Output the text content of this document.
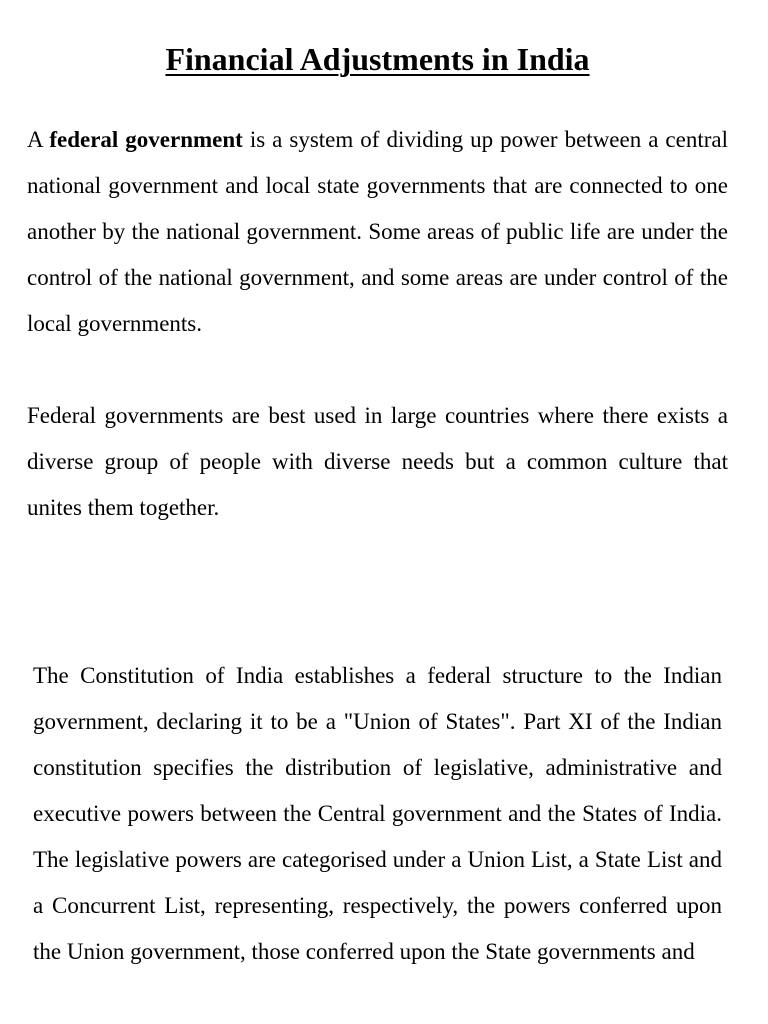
Financial Adjustments in India

A federal government is a system of dividing up power between a central national government and local state governments that are connected to one another by the national government. Some areas of public life are under the control of the national government, and some areas are under control of the local governments.

Federal governments are best used in large countries where there exists a diverse group of people with diverse needs but a common culture that unites them together.

The Constitution of India establishes a federal structure to the Indian government, declaring it to be a "Union of States". Part XI of the Indian constitution specifies the distribution of legislative, administrative and executive powers between the Central government and the States of India. The legislative powers are categorised under a Union List, a State List and a Concurrent List, representing, respectively, the powers conferred upon the Union government, those conferred upon the State governments and
